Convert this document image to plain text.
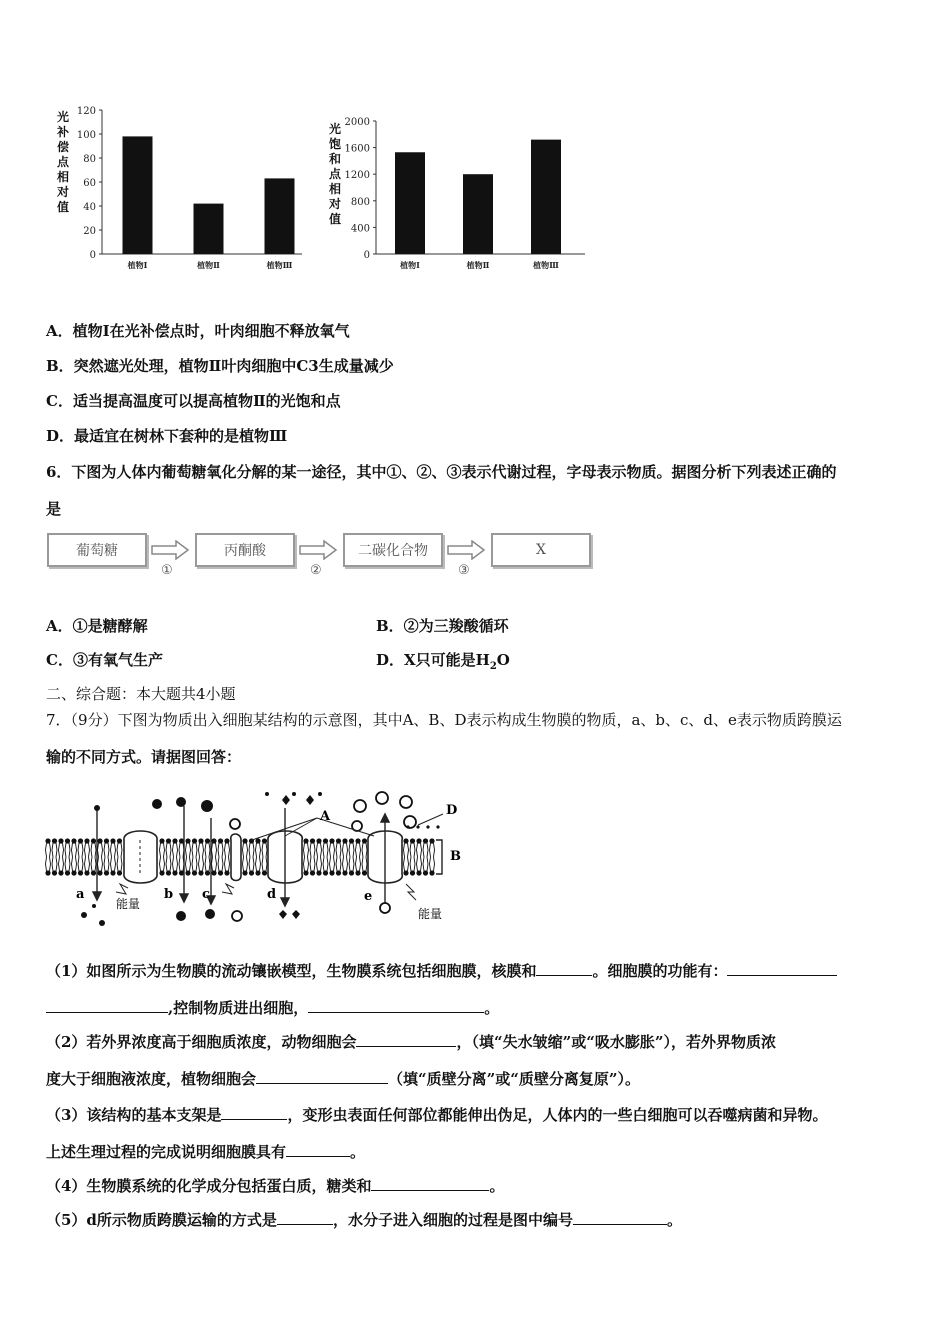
光补偿点相对值
120
100
80
60
40
20
0
植物Ⅰ	植物Ⅱ	植物Ⅲ
光饱和点相对值
2000
1600
1200
800
400
0
植物Ⅰ	植物Ⅱ	植物Ⅲ
A．植物Ⅰ在光补偿点时，叶肉细胞不释放氧气
B．突然遮光处理，植物Ⅱ叶肉细胞中C3生成量减少
C．适当提高温度可以提高植物Ⅱ的光饱和点
D．最适宜在树林下套种的是植物Ⅲ
6．下图为人体内葡萄糖氧化分解的某一途径，其中①、②、③表示代谢过程，字母表示物质。据图分析下列表述正确的
是
葡萄糖	丙酮酸	二碳化合物	X
①	②	③
A．①是糖酵解	B．②为三羧酸循环
C．③有氧气生产	D．X只可能是$H_2O$
二、综合题：本大题共4小题
7．（9分）下图为物质出入细胞某结构的示意图，其中A、B、D表示构成生物膜的物质，a、b、c、d、e表示物质跨膜运
输的不同方式。请据图回答：
A
B
D
a	b c	d	e
能量
能量
（1）如图所示为生物膜的流动镶嵌模型，生物膜系统包括细胞膜，核膜和	。细胞膜的功能有：
,控制物质进出细胞，	。
（2）若外界浓度高于细胞质浓度，动物细胞会	，（填“失水皱缩”或“吸水膨胀”），若外界物质浓
度大于细胞液浓度，植物细胞会	（填“质壁分离”或“质壁分离复原”）。
（3）该结构的基本支架是	，变形虫表面任何部位都能伸出伪足，人体内的一些白细胞可以吞噬病菌和异物。
上述生理过程的完成说明细胞膜具有	。
（4）生物膜系统的化学成分包括蛋白质，糖类和	。
（5）d所示物质跨膜运输的方式是	，水分子进入细胞的过程是图中编号	。
